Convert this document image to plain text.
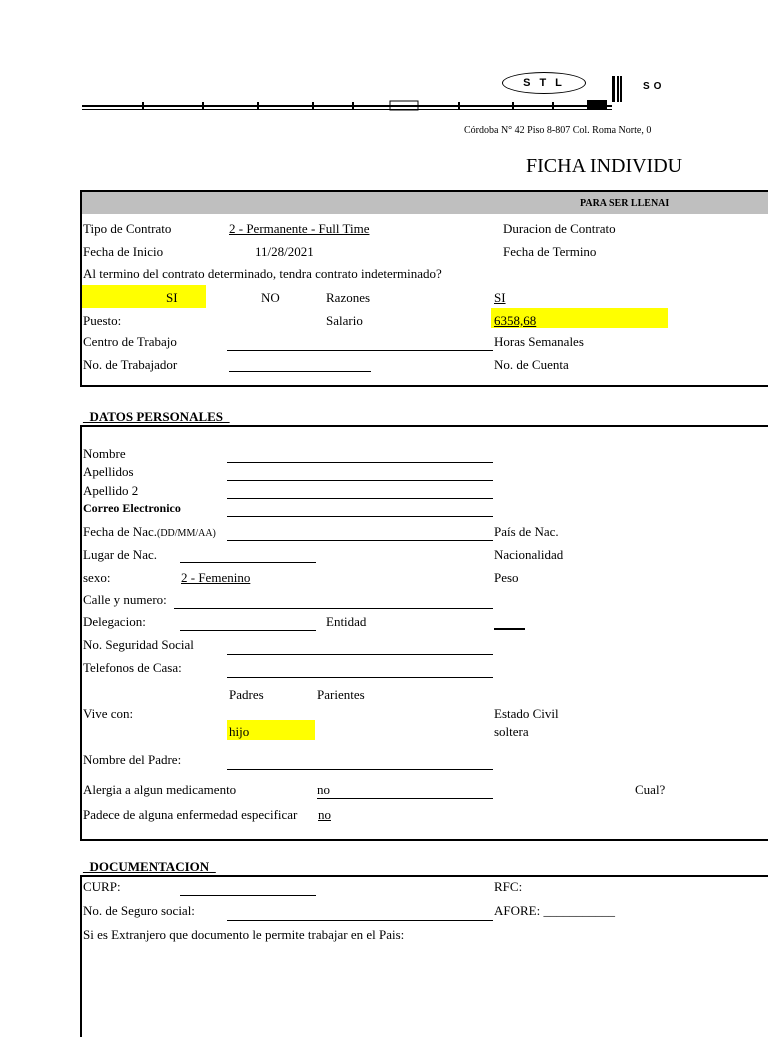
STL	SO
Córdoba N° 42 Piso 8-807 Col. Roma Norte, 0
FICHA INDIVIDU
PARA SER LLENAI
Tipo de Contrato	2 - Permanente - Full Time	Duracion de Contrato
Fecha de Inicio	11/28/2021	Fecha de Termino
Al termino del contrato determinado, tendra contrato indeterminado?
SI	NO	Razones	SI
Puesto:	Salario	6358,68
Centro de Trabajo	Horas Semanales
No. de Trabajador	No. de Cuenta
_DATOS PERSONALES_
Nombre
Apellidos
Apellido 2
Correo Electronico
Fecha de Nac.(DD/MM/AA)	País de Nac.
Lugar de Nac.	Nacionalidad
sexo:	2 - Femenino	Peso
Calle y numero:
Delegacion:	Entidad
No. Seguridad Social
Telefonos de Casa:
Padres	Parientes
Vive con:	Estado Civil
hijo	soltera
Nombre del Padre:
Alergia a algun medicamento	no	Cual?
Padece de alguna enfermedad especificar no
_DOCUMENTACION_
CURP:	RFC:
No. de Seguro social:	AFORE: ___________
Si es Extranjero que documento le permite trabajar en el Pais:
